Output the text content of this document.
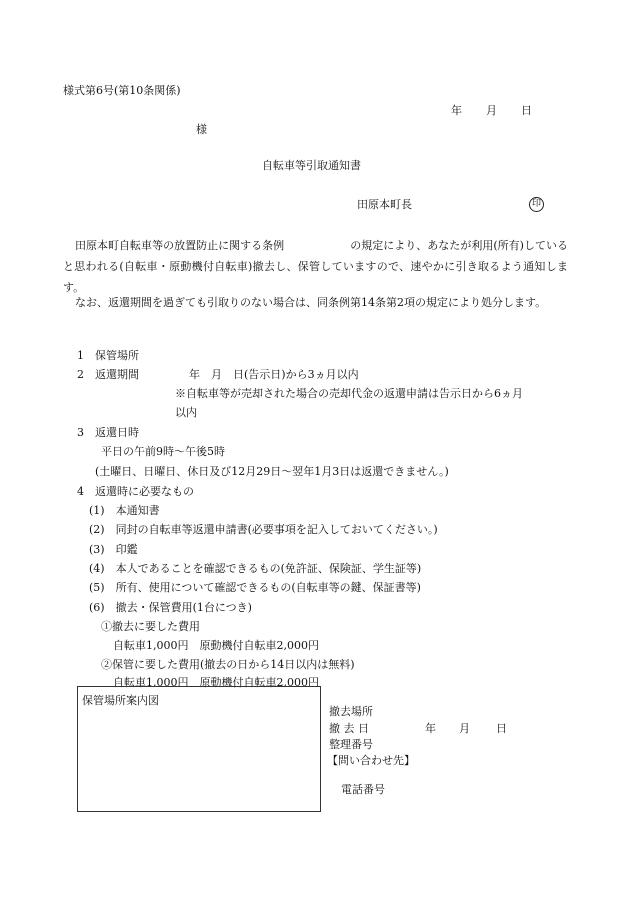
様式第6号(第10条関係)
年 月 日
様
自転車等引取通知書
田原本町長	印
田原本町自転車等の放置防止に関する条例　　　　　　の規定により、あなたが利用(所有)していると思われる(自転車・原動機付自転車)撤去し、保管していますので、速やかに引き取るよう通知します。
なお、返還期間を過ぎても引取りのない場合は、同条例第14条第2項の規定により処分します。
1　保管場所
2　返還期間	年　月　日(告示日)から3ヵ月以内
※自転車等が売却された場合の売却代金の返還申請は告示日から6ヵ月
以内
3　返還日時
平日の午前9時～午後5時
(土曜日、日曜日、休日及び12月29日～翌年1月3日は返還できません。)
4　返還時に必要なもの
(1)　本通知書
(2)　同封の自転車等返還申請書(必要事項を記入しておいてください。)
(3)　印鑑
(4)　本人であることを確認できるもの(免許証、保険証、学生証等)
(5)　所有、使用について確認できるもの(自転車等の鍵、保証書等)
(6)　撤去・保管費用(1台につき)
①撤去に要した費用
自転車1,000円　原動機付自転車2,000円
②保管に要した費用(撤去の日から14日以内は無料)
自転車1,000円　原動機付自転車2,000円
保管場所案内図
撤去場所
撤 去 日	年 月 日
整理番号
【問い合わせ先】
電話番号
